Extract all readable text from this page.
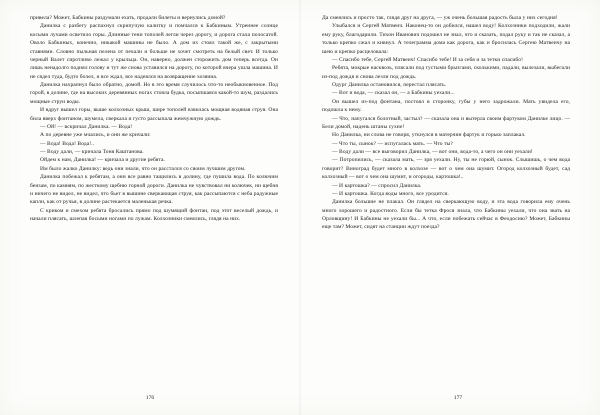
привела? Может, Бабкины раздумали ехать, продали билеты и вернулись домой?

Данилка с разбегу распахнул скрипучую калитку и помчался к Бабкиным. Утреннее солнце косыми лучами осветило горы. Длинные тени тополей легли через дорогу, и дорога стала полосатой. Около Бабкиных, конечно, никакой машины не было. А дом их стоял такой же, с закрытыми ставнями. Словно пыльная пелена от печали и больше не хочет смотреть на белый свет. И только черный Валет сиротливо лежал у крыльца. Он, наверно, должен сторожить дом теперь всегда. Он лишь ненадолго поднял голову и тут же снова уставился на дорогу, по которой вчера ушла машина. И не сядел туда, будто болел, и все ждал, все надеялся на возвращение хозяина.

Данилка нахрапнул было обратно, домой. Но в это время случилось что-то необыкновенное. Под горой, в долине, где на высоких деревянных ногах стояла будка, посыпшаяся какой-то шум, раздались мощные струи воды.

И вдруг вышел горы, выше колхозных крыш, шире тополей взвилась мощная водяная струя. Она била вверх фонтаном, шумела, сверкала и густо рассыпала жемчужную дождь.

— Ой! — вскричал Данилка. — Вода!

А по деревне уже мчались, и они же кричали:

— Вода! Вода! Вода!..

— Воду дали, — кричала Тоня Каштанова.

Ойдем к нам, Данилка! — кричала и другие ребята.

Им было жалко Данилку: ведь они знали, что он расстался со своим лучшим другом.

Данилка побежал к ребятам, а они все равно тащились в долину, где пушила вода. По колючим бензам, по камням, по жесткому щебню горной дороги. Данилка не чувствовал ни колючек, ни щебня и ничего не видел, не видел, что бьет в вышине сверкающая струя, как рассыпаются с неба радужные капли, как от ручья, в долине растекается маленькая речка.

С криком и смехом ребята бросались прямо под шумящий фонтан, под этот веселый дождь, и начали плясать, шлепая босыми ногами по лужам. Колхозники смеялись, глядя на них.

176

Да смеялись и просто так, глядя друг на друга, — уж очень большая радость была у них сегодня!

Улыбался и Сергей Матвеич. Наконец-то он добился, нашел воду! Колхозники подходили, жали ему руку, благодарили. Тихон Иванович подошел не знал, что и сказать, подал руку и так не сказал, а только крепко сжал и кивнул. А телеграмма дома как дорога, как и бросилась Сергею Матвеичу на шею и крепко расцеловала:

— Спасибо тебе, Сергей Матвеич! Спасибо тебе! И за себя и за тетки спасибо!

Ребята, мокрые насквозь, плясали под густыми брызгами, сколькими, падали, вылезали, выбегали из-под дождя и снова лезли под дождь.

Одург Данилка остановился, перестал плясать.

— Вот и вода, — сказал он, — а Бабкины уехали...

Он вышел из-под фонтана, постоял в сторонку, губы у него задрожали. Мать увидела его, подошла к нему.

— Что, напугался болотный, застыл? — сказала она и вытерла своим фартуком Данилке лицо. — Бели домой, надень штаны сухие!

Но Данилка, ни слова не говоря, уткнулся в матерчин фартук и горько заплакал.

— Что ты, сынок? — испугалась мать. — Что ты?

— Воду дали — все выговорил Данилка, — вот они, вода-то, а чего он они уехали!

— Потропились, — сказала мать, — зря уехали. Ну, ты не горюй, сынок. Слышишь, о чем вода говорит? Виноград будет много в колхозе — вот о чем она шумит. Огород колхозный будет, сад колхозный — вот о чем она шумит, и огороды, картошка!..

— И картошка? — спросил Данилка.

— И картошка. Когда воды много, все уродится.

Данилка большие не плакал. Он глядел на сверкающую воду, и эта вода говорила ему очень много хорошего и радостного. Если бы тетка Фрося знала, что Бабкины уехали, что она звать на Орловщину! И Бабкины не уехали бы... А что, если побежать сейчас в Феодосию? Может, Бабкины еще там? Может, сидят на станции ждут поезда?

177
